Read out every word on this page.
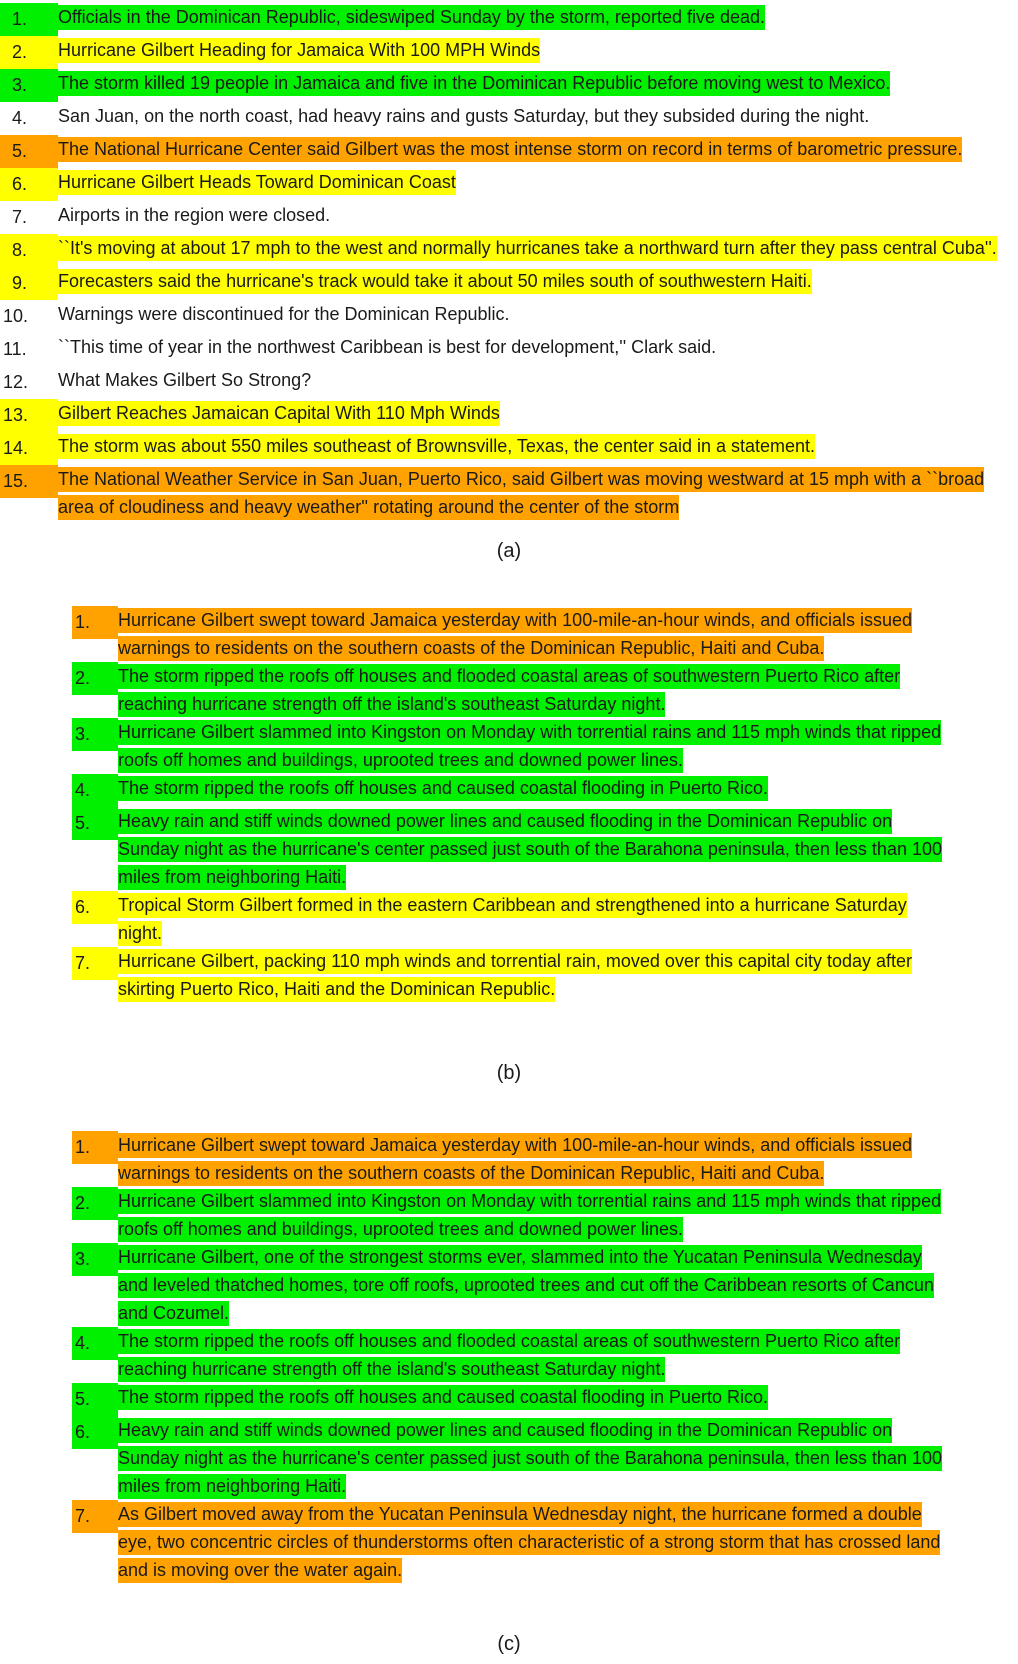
1.	Officials in the Dominican Republic, sideswiped Sunday by the storm, reported five dead.
2.	Hurricane Gilbert Heading for Jamaica With 100 MPH Winds
3.	The storm killed 19 people in Jamaica and five in the Dominican Republic before moving west to Mexico.
4.	San Juan, on the north coast, had heavy rains and gusts Saturday, but they subsided during the night.
5.	The National Hurricane Center said Gilbert was the most intense storm on record in terms of barometric pressure.
6.	Hurricane Gilbert Heads Toward Dominican Coast
7.	Airports in the region were closed.
8.	``It's moving at about 17 mph to the west and normally hurricanes take a northward turn after they pass central Cuba''.
9.	Forecasters said the hurricane's track would take it about 50 miles south of southwestern Haiti.
10.	Warnings were discontinued for the Dominican Republic.
11.	``This time of year in the northwest Caribbean is best for development,'' Clark said.
12.	What Makes Gilbert So Strong?
13.	Gilbert Reaches Jamaican Capital With 110 Mph Winds
14.	The storm was about 550 miles southeast of Brownsville, Texas, the center said in a statement.
15.	The National Weather Service in San Juan, Puerto Rico, said Gilbert was moving westward at 15 mph with a ``broad area of cloudiness and heavy weather'' rotating around the center of the storm
(a)
1.	Hurricane Gilbert swept toward Jamaica yesterday with 100-mile-an-hour winds, and officials issued warnings to residents on the southern coasts of the Dominican Republic, Haiti and Cuba.
2.	The storm ripped the roofs off houses and flooded coastal areas of southwestern Puerto Rico after reaching hurricane strength off the island's southeast Saturday night.
3.	Hurricane Gilbert slammed into Kingston on Monday with torrential rains and 115 mph winds that ripped roofs off homes and buildings, uprooted trees and downed power lines.
4.	The storm ripped the roofs off houses and caused coastal flooding in Puerto Rico.
5.	Heavy rain and stiff winds downed power lines and caused flooding in the Dominican Republic on Sunday night as the hurricane's center passed just south of the Barahona peninsula, then less than 100 miles from neighboring Haiti.
6.	Tropical Storm Gilbert formed in the eastern Caribbean and strengthened into a hurricane Saturday night.
7.	Hurricane Gilbert, packing 110 mph winds and torrential rain, moved over this capital city today after skirting Puerto Rico, Haiti and the Dominican Republic.
(b)
1.	Hurricane Gilbert swept toward Jamaica yesterday with 100-mile-an-hour winds, and officials issued warnings to residents on the southern coasts of the Dominican Republic, Haiti and Cuba.
2.	Hurricane Gilbert slammed into Kingston on Monday with torrential rains and 115 mph winds that ripped roofs off homes and buildings, uprooted trees and downed power lines.
3.	Hurricane Gilbert, one of the strongest storms ever, slammed into the Yucatan Peninsula Wednesday and leveled thatched homes, tore off roofs, uprooted trees and cut off the Caribbean resorts of Cancun and Cozumel.
4.	The storm ripped the roofs off houses and flooded coastal areas of southwestern Puerto Rico after reaching hurricane strength off the island's southeast Saturday night.
5.	The storm ripped the roofs off houses and caused coastal flooding in Puerto Rico.
6.	Heavy rain and stiff winds downed power lines and caused flooding in the Dominican Republic on Sunday night as the hurricane's center passed just south of the Barahona peninsula, then less than 100 miles from neighboring Haiti.
7.	As Gilbert moved away from the Yucatan Peninsula Wednesday night, the hurricane formed a double eye, two concentric circles of thunderstorms often characteristic of a strong storm that has crossed land and is moving over the water again.
(c)
